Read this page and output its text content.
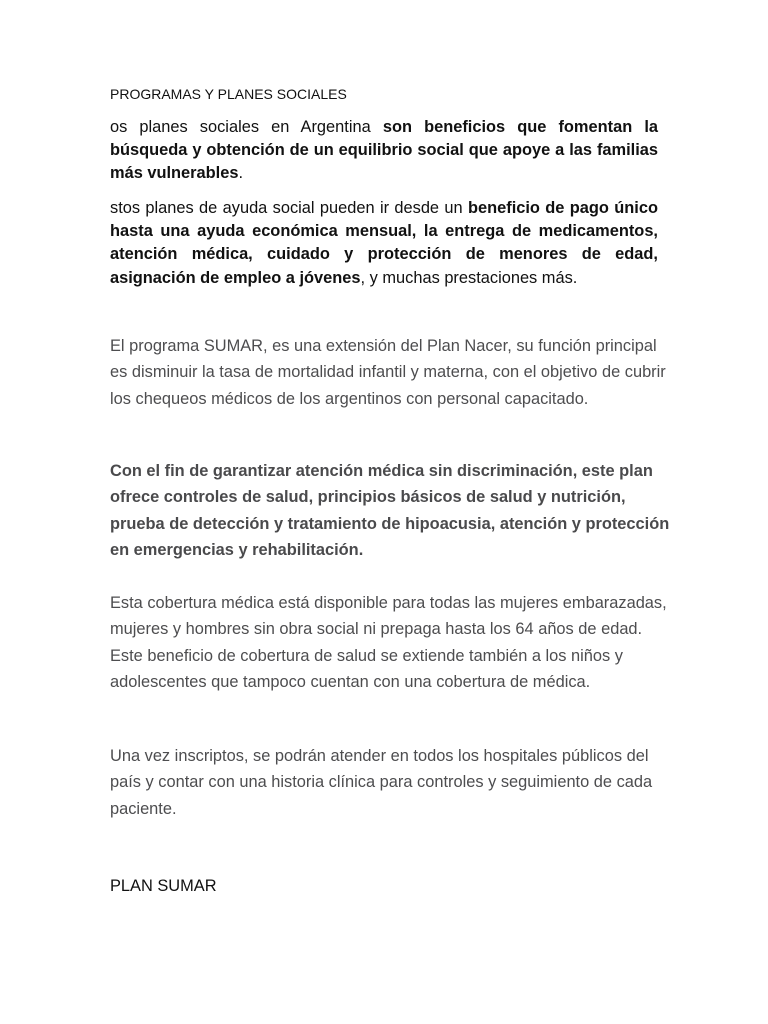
PROGRAMAS Y PLANES SOCIALES

os planes sociales en Argentina son beneficios que fomentan la búsqueda y obtención de un equilibrio social que apoye a las familias más vulnerables.

stos planes de ayuda social pueden ir desde un beneficio de pago único hasta una ayuda económica mensual, la entrega de medicamentos, atención médica, cuidado y protección de menores de edad, asignación de empleo a jóvenes, y muchas prestaciones más.

El programa SUMAR, es una extensión del Plan Nacer, su función principal es disminuir la tasa de mortalidad infantil y materna, con el objetivo de cubrir los chequeos médicos de los argentinos con personal capacitado.

Con el fin de garantizar atención médica sin discriminación, este plan ofrece controles de salud, principios básicos de salud y nutrición, prueba de detección y tratamiento de hipoacusia, atención y protección en emergencias y rehabilitación.

Esta cobertura médica está disponible para todas las mujeres embarazadas, mujeres y hombres sin obra social ni prepaga hasta los 64 años de edad. Este beneficio de cobertura de salud se extiende también a los niños y adolescentes que tampoco cuentan con una cobertura de médica.

Una vez inscriptos, se podrán atender en todos los hospitales públicos del país y contar con una historia clínica para controles y seguimiento de cada paciente.

PLAN SUMAR
